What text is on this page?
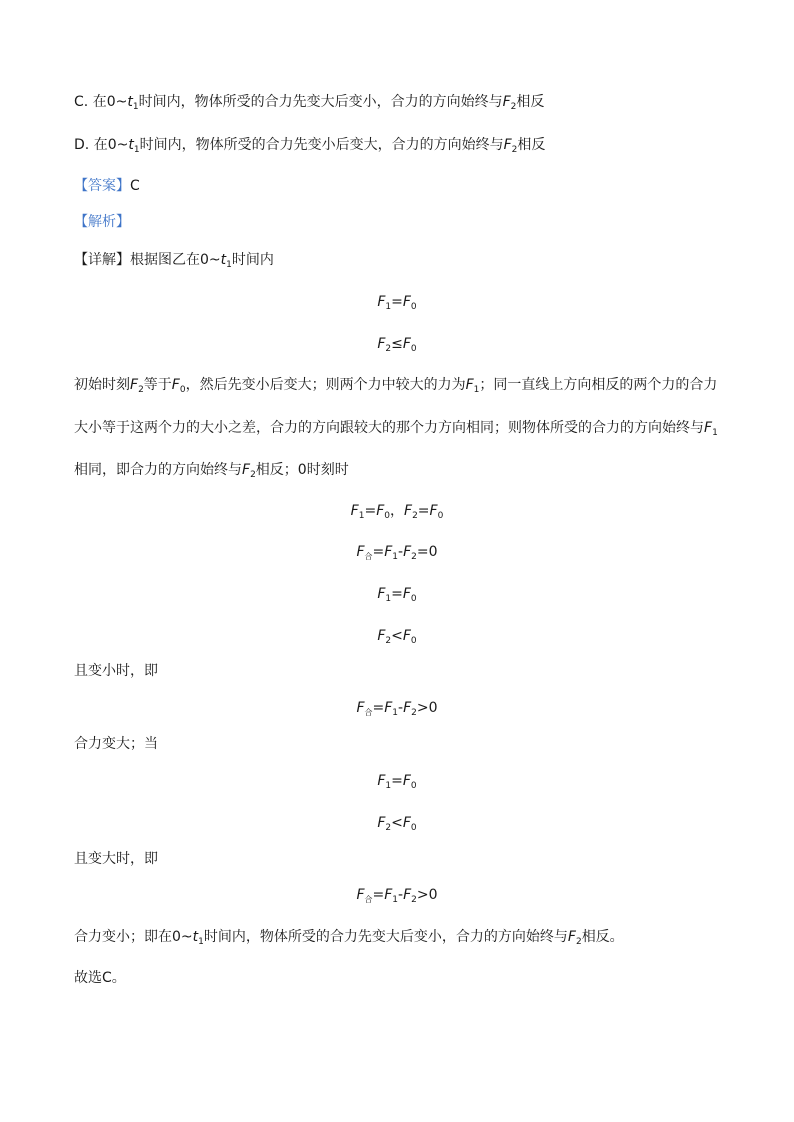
C. 在$0\sim t_1$时间内，物体所受的合力先变大后变小，合力的方向始终与$F_2$相反
D. 在$0\sim t_1$时间内，物体所受的合力先变小后变大，合力的方向始终与$F_2$相反
【答案】C
【解析】
【详解】根据图乙在$0\sim t_1$时间内
$F_1=F_0$
$F_2\le F_0$
初始时刻$F_2$等于$F_0$，然后先变小后变大；则两个力中较大的力为$F_1$；同一直线上方向相反的两个力的合力
大小等于这两个力的大小之差，合力的方向跟较大的那个力方向相同；则物体所受的合力的方向始终与$F_1$
相同，即合力的方向始终与$F_2$相反；0时刻时
$F_1=F_0$，$F_2=F_0$
$F_合=F_1-F_2=0$
$F_1=F_0$
$F_2<F_0$
且变小时，即
$F_合=F_1-F_2>0$
合力变大；当
$F_1=F_0$
$F_2<F_0$
且变大时，即
$F_合=F_1-F_2>0$
合力变小；即在$0\sim t_1$时间内，物体所受的合力先变大后变小，合力的方向始终与$F_2$相反。
故选C。
